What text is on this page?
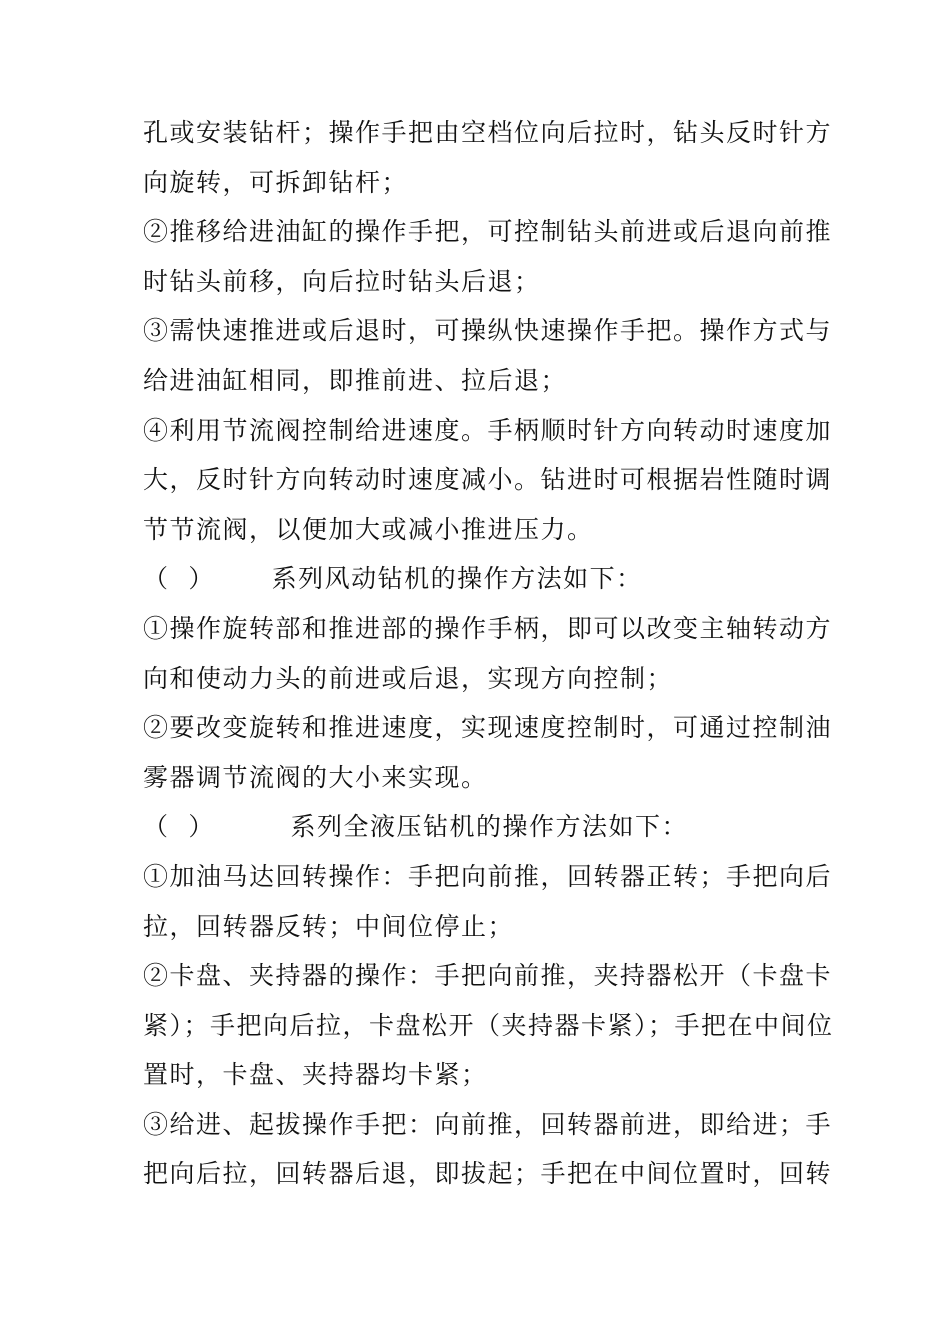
孔或安装钻杆；操作手把由空档位向后拉时，钻头反时针方
向旋转，可拆卸钻杆；
②推移给进油缸的操作手把，可控制钻头前进或后退向前推
时钻头前移，向后拉时钻头后退；
③需快速推进或后退时，可操纵快速操作手把。操作方式与
给进油缸相同，即推前进、拉后退；
④利用节流阀控制给进速度。手柄顺时针方向转动时速度加
大，反时针方向转动时速度减小。钻进时可根据岩性随时调
节节流阀，以便加大或减小推进压力。
（  ）      系列风动钻机的操作方法如下：
①操作旋转部和推进部的操作手柄，即可以改变主轴转动方
向和使动力头的前进或后退，实现方向控制；
②要改变旋转和推进速度，实现速度控制时，可通过控制油
雾器调节流阀的大小来实现。
（  ）        系列全液压钻机的操作方法如下：
①加油马达回转操作：手把向前推，回转器正转；手把向后
拉，回转器反转；中间位停止；
②卡盘、夹持器的操作：手把向前推，夹持器松开（卡盘卡
紧）；手把向后拉，卡盘松开（夹持器卡紧）；手把在中间位
置时，卡盘、夹持器均卡紧；
③给进、起拔操作手把：向前推，回转器前进，即给进；手
把向后拉，回转器后退，即拔起；手把在中间位置时，回转
